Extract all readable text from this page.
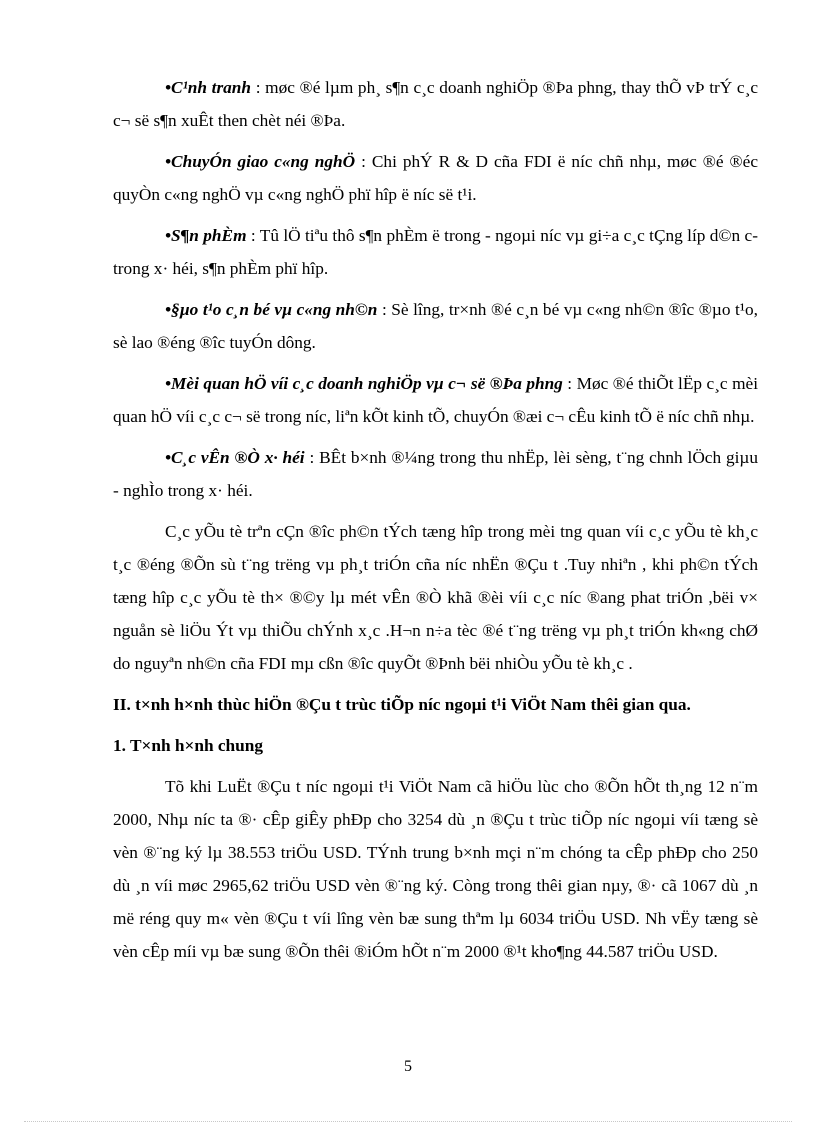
•C¹nh tranh : møc ®é lµm ph¸ s¶n c¸c doanh nghiÖp ®Þa phng, thay thÕ vÞ trÝ c¸c c¬ së s¶n xuÊt then chèt néi ®Þa.

•ChuyÓn giao c«ng nghÖ : Chi phÝ R & D cña FDI ë níc chñ nhµ, møc ®é ®éc quyÒn c«ng nghÖ vµ c«ng nghÖ phï hîp ë níc së t¹i.

•S¶n phÈm : Tû lÖ tiªu thô s¶n phÈm ë trong - ngoµi níc vµ gi÷a c¸c tÇng líp d©n c trong x· héi, s¶n phÈm phï hîp.

•§µo t¹o c¸n bé vµ c«ng nh©n : Sè lîng, tr×nh ®é c¸n bé vµ c«ng nh©n ®îc ®µo t¹o, sè lao ®éng ®îc tuyÓn dông.

•Mèi quan hÖ víi c¸c doanh nghiÖp vµ c¬ së ®Þa phng : Møc ®é thiÕt lËp c¸c mèi quan hÖ víi c¸c c¬ së trong níc, liªn kÕt kinh tÕ, chuyÓn ®æi c¬ cÊu kinh tÕ ë níc chñ nhµ.

•C¸c vÊn ®Ò x· héi : BÊt b×nh ®¼ng trong thu nhËp, lèi sèng, t¨ng chnh lÖch giµu - nghÌo trong x· héi.

C¸c yÕu tè trªn cÇn ®îc ph©n tÝch tæng hîp trong mèi tng quan víi c¸c yÕu tè kh¸c t¸c ®éng ®Õn sù t¨ng trëng vµ ph¸t triÓn cña níc nhËn ®Çu t .Tuy nhiªn , khi ph©n tÝch tæng hîp c¸c yÕu tè th× ®©y lµ mét vÊn ®Ò khã ®èi víi c¸c níc ®ang phat triÓn ,bëi v× nguån sè liÖu Ýt vµ thiÕu chÝnh x¸c .H¬n n÷a tèc ®é t¨ng trëng vµ ph¸t triÓn kh«ng chØ do nguyªn nh©n cña FDI mµ cßn ®îc quyÕt ®Þnh bëi nhiÒu yÕu tè kh¸c .

II. t×nh h×nh thùc hiÖn ®Çu t trùc tiÕp níc ngoµi t¹i ViÖt Nam thêi gian qua.

1. T×nh h×nh chung

Tõ khi LuËt ®Çu t níc ngoµi t¹i ViÖt Nam cã hiÖu lùc cho ®Õn hÕt th¸ng 12 n¨m 2000, Nhµ níc ta ®· cÊp giÊy phÐp cho 3254 dù ¸n ®Çu t trùc tiÕp níc ngoµi víi tæng sè vèn ®¨ng ký lµ 38.553 triÖu USD. TÝnh trung b×nh mçi n¨m chóng ta cÊp phÐp cho 250 dù ¸n víi møc 2965,62 triÖu USD vèn ®¨ng ký. Còng trong thêi gian nµy, ®· cã 1067 dù ¸n më réng quy m« vèn ®Çu t víi lîng vèn bæ sung thªm lµ 6034 triÖu USD. Nh vËy tæng sè vèn cÊp míi vµ bæ sung ®Õn thêi ®iÓm hÕt n¨m 2000 ®¹t kho¶ng 44.587 triÖu USD.

5
